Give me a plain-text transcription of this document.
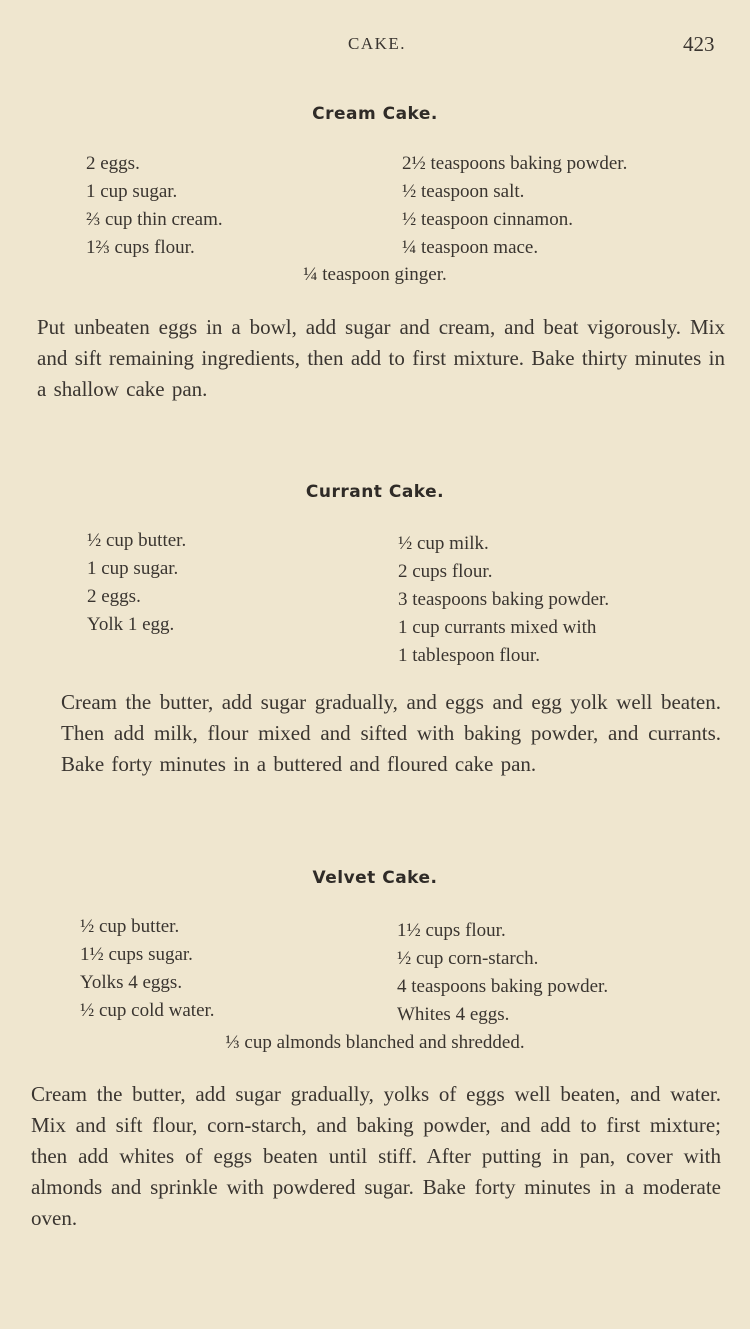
CAKE.	423
Cream Cake.
2 eggs.
1 cup sugar.
⅔ cup thin cream.
1⅔ cups flour.
2½ teaspoons baking powder.
½ teaspoon salt.
½ teaspoon cinnamon.
¼ teaspoon mace.
¼ teaspoon ginger.
Put unbeaten eggs in a bowl, add sugar and cream, and beat vigorously. Mix and sift remaining ingredients, then add to first mixture. Bake thirty minutes in a shallow cake pan.
Currant Cake.
½ cup butter.
1 cup sugar.
2 eggs.
Yolk 1 egg.
½ cup milk.
2 cups flour.
3 teaspoons baking powder.
1 cup currants mixed with
1 tablespoon flour.
Cream the butter, add sugar gradually, and eggs and egg yolk well beaten. Then add milk, flour mixed and sifted with baking powder, and currants. Bake forty minutes in a buttered and floured cake pan.
Velvet Cake.
½ cup butter.
1½ cups sugar.
Yolks 4 eggs.
½ cup cold water.
1½ cups flour.
½ cup corn-starch.
4 teaspoons baking powder.
Whites 4 eggs.
⅓ cup almonds blanched and shredded.
Cream the butter, add sugar gradually, yolks of eggs well beaten, and water. Mix and sift flour, corn-starch, and baking powder, and add to first mixture; then add whites of eggs beaten until stiff. After putting in pan, cover with almonds and sprinkle with powdered sugar. Bake forty minutes in a moderate oven.
